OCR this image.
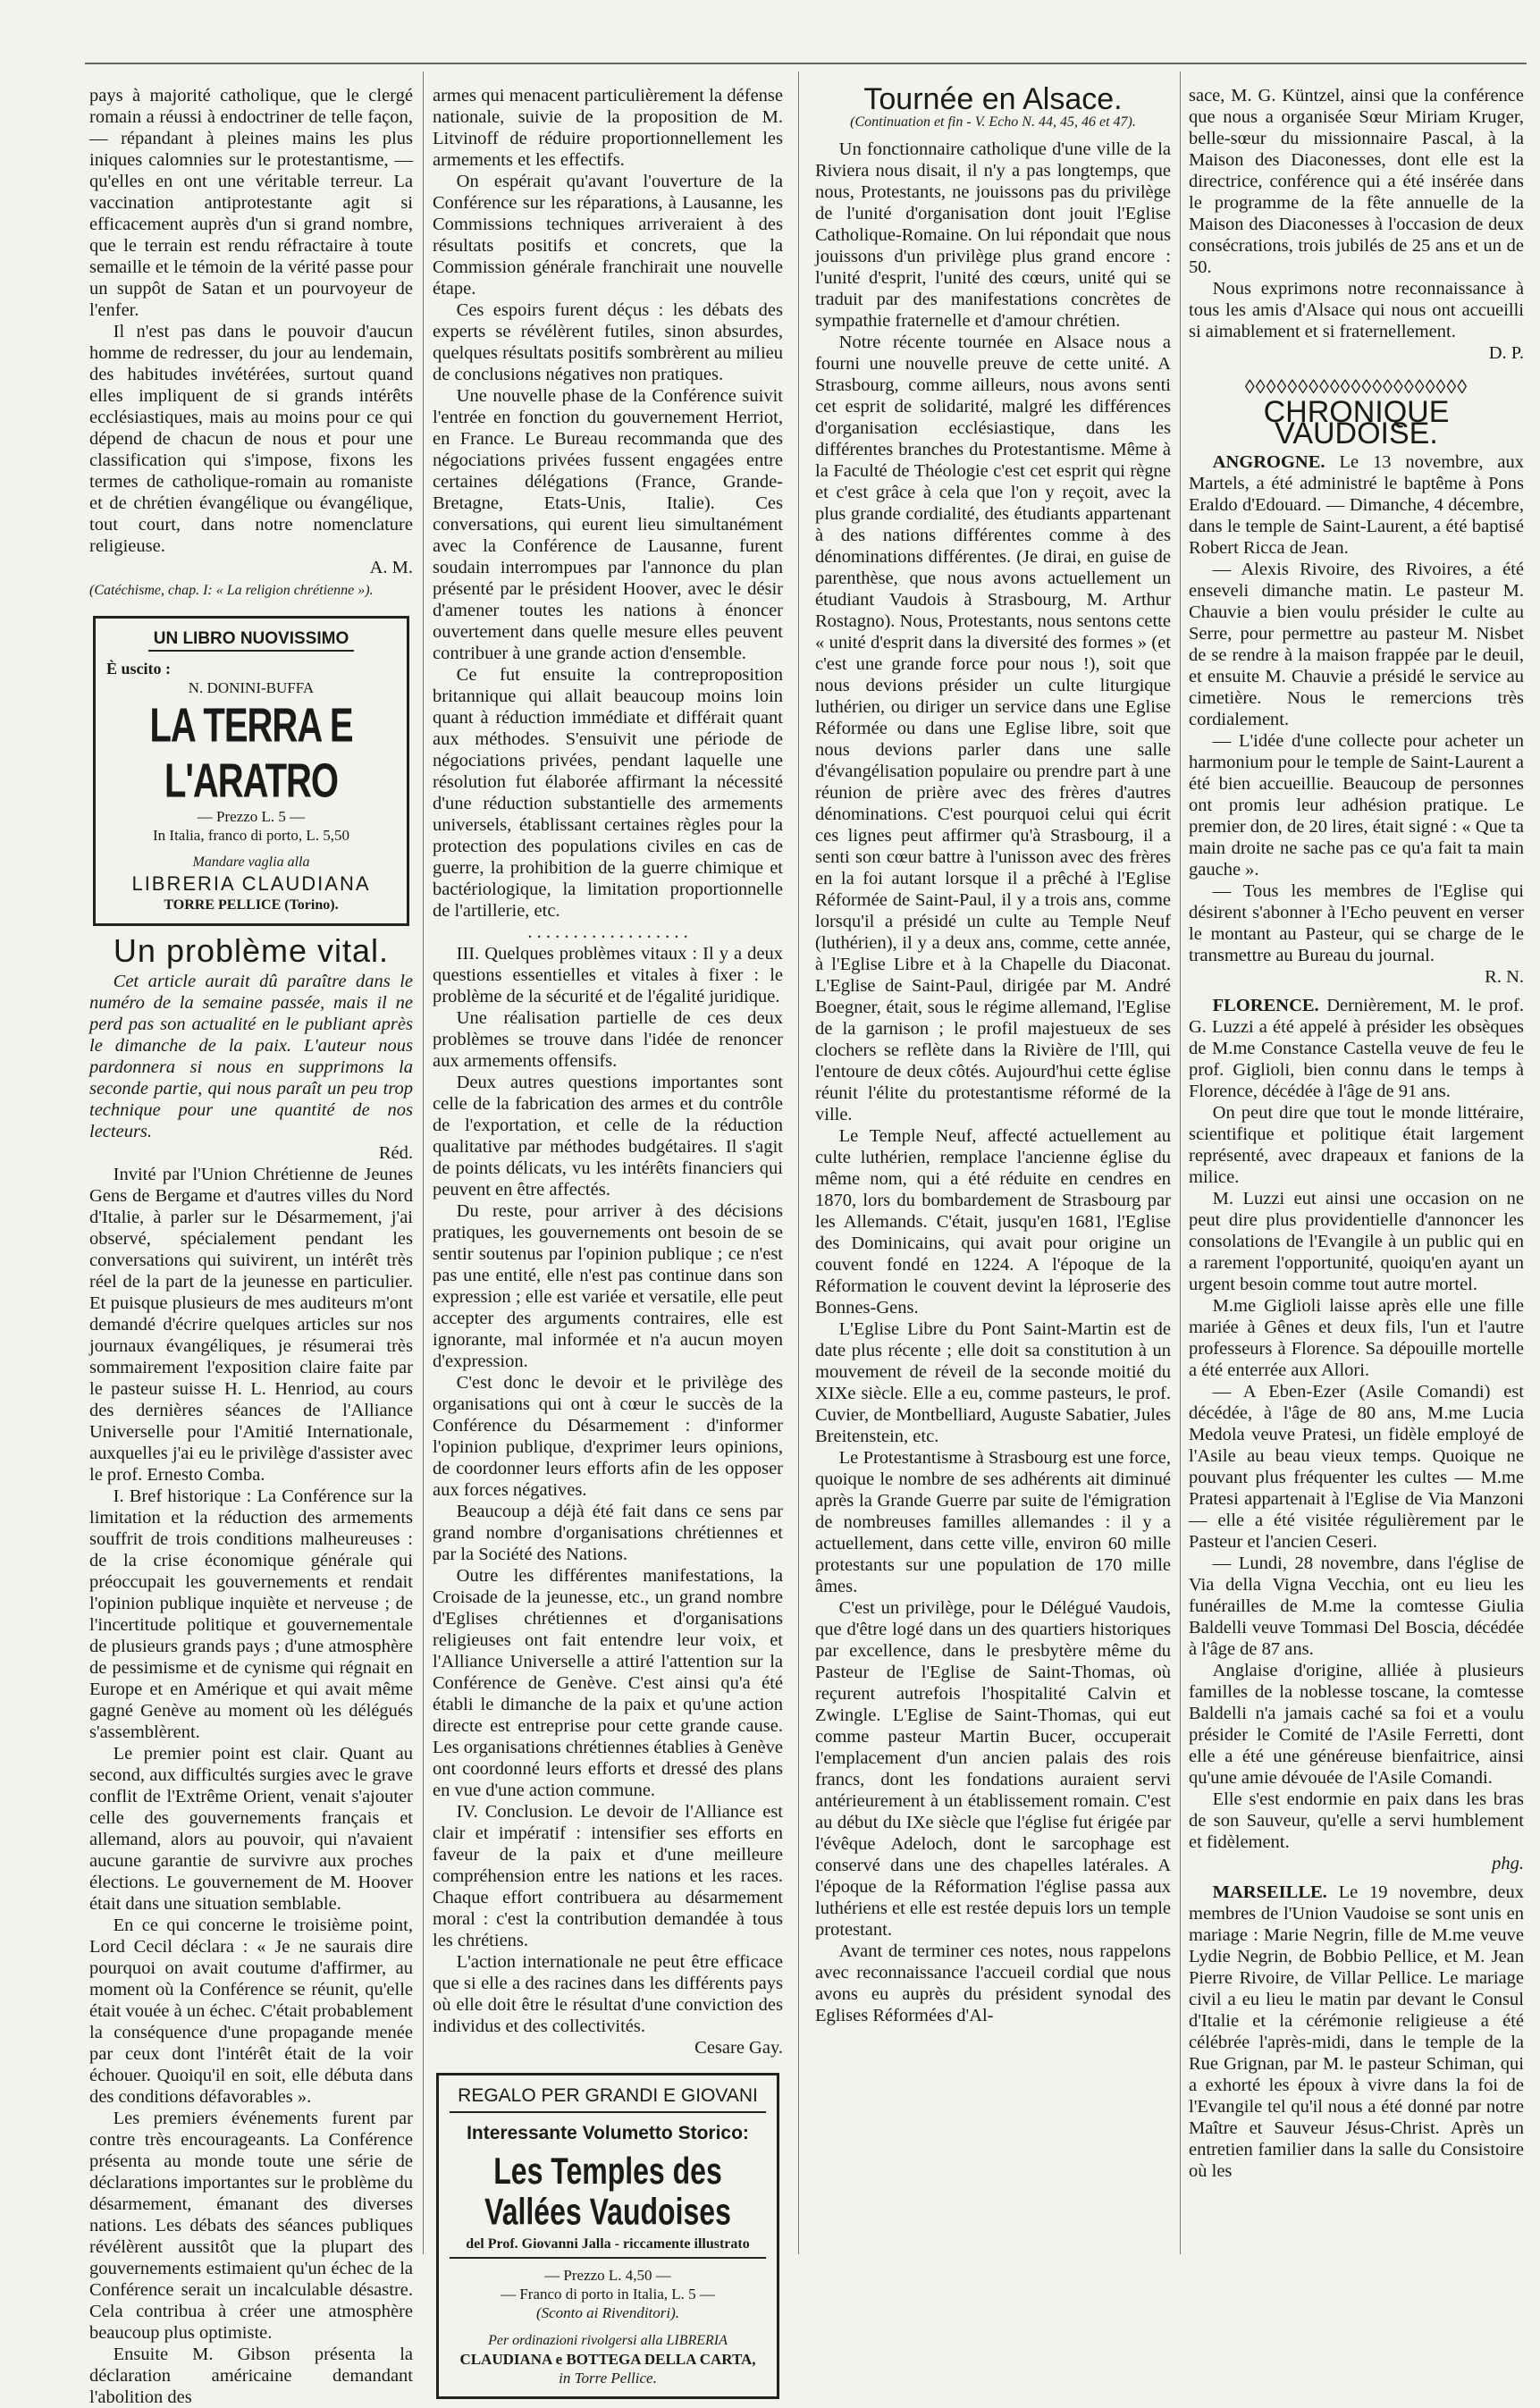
pays à majorité catholique, que le clergé romain a réussi à endoctriner de telle façon, — répandant à pleines mains les plus iniques calomnies sur le protestantisme, — qu'elles en ont une véritable terreur. La vaccination antiprotestante agit si efficacement auprès d'un si grand nombre, que le terrain est rendu réfractaire à toute semaille et le témoin de la vérité passe pour un suppôt de Satan et un pourvoyeur de l'enfer.

Il n'est pas dans le pouvoir d'aucun homme de redresser, du jour au lendemain, des habitudes invétérées, surtout quand elles impliquent de si grands intérêts ecclésiastiques, mais au moins pour ce qui dépend de chacun de nous et pour une classification qui s'impose, fixons les termes de catholique-romain au romaniste et de chrétien évangélique ou évangélique, tout court, dans notre nomenclature religieuse.

A. M.

(Catéchisme, chap. I: « La religion chrétienne »).

UN LIBRO NUOVISSIMO
È uscito :
N. DONINI-BUFFA
LA TERRA E L'ARATRO
— Prezzo L. 5 —
In Italia, franco di porto, L. 5,50
Mandare vaglia alla
LIBRERIA CLAUDIANA
TORRE PELLICE (Torino).
Un problème vital.

Cet article aurait dû paraître dans le numéro de la semaine passée, mais il ne perd pas son actualité en le publiant après le dimanche de la paix. L'auteur nous pardonnera si nous en supprimons la seconde partie, qui nous paraît un peu trop technique pour une quantité de nos lecteurs.

Réd.

Invité par l'Union Chrétienne de Jeunes Gens de Bergame et d'autres villes du Nord d'Italie, à parler sur le Désarmement, j'ai observé, spécialement pendant les conversations qui suivirent, un intérêt très réel de la part de la jeunesse en particulier. Et puisque plusieurs de mes auditeurs m'ont demandé d'écrire quelques articles sur nos journaux évangéliques, je résumerai très sommairement l'exposition claire faite par le pasteur suisse H. L. Henriod, au cours des dernières séances de l'Alliance Universelle pour l'Amitié Internationale, auxquelles j'ai eu le privilège d'assister avec le prof. Ernesto Comba.

I. Bref historique : La Conférence sur la limitation et la réduction des armements souffrit de trois conditions malheureuses : de la crise économique générale qui préoccupait les gouvernements et rendait l'opinion publique inquiète et nerveuse ; de l'incertitude politique et gouvernementale de plusieurs grands pays ; d'une atmosphère de pessimisme et de cynisme qui régnait en Europe et en Amérique et qui avait même gagné Genève au moment où les délégués s'assemblèrent.

Le premier point est clair. Quant au second, aux difficultés surgies avec le grave conflit de l'Extrême Orient, venait s'ajouter celle des gouvernements français et allemand, alors au pouvoir, qui n'avaient aucune garantie de survivre aux proches élections. Le gouvernement de M. Hoover était dans une situation semblable.

En ce qui concerne le troisième point, Lord Cecil déclara : « Je ne saurais dire pourquoi on avait coutume d'affirmer, au moment où la Conférence se réunit, qu'elle était vouée à un échec. C'était probablement la conséquence d'une propagande menée par ceux dont l'intérêt était de la voir échouer. Quoiqu'il en soit, elle débuta dans des conditions défavorables ».

Les premiers événements furent par contre très encourageants. La Conférence présenta au monde toute une série de déclarations importantes sur le problème du désarmement, émanant des diverses nations. Les débats des séances publiques révélèrent aussitôt que la plupart des gouvernements estimaient qu'un échec de la Conférence serait un incalculable désastre. Cela contribua à créer une atmosphère beaucoup plus optimiste.

Ensuite M. Gibson présenta la déclaration américaine demandant l'abolition des

armes qui menacent particulièrement la défense nationale, suivie de la proposition de M. Litvinoff de réduire proportionnellement les armements et les effectifs.

On espérait qu'avant l'ouverture de la Conférence sur les réparations, à Lausanne, les Commissions techniques arriveraient à des résultats positifs et concrets, que la Commission générale franchirait une nouvelle étape.

Ces espoirs furent déçus : les débats des experts se révélèrent futiles, sinon absurdes, quelques résultats positifs sombrèrent au milieu de conclusions négatives non pratiques.

Une nouvelle phase de la Conférence suivit l'entrée en fonction du gouvernement Herriot, en France. Le Bureau recommanda que des négociations privées fussent engagées entre certaines délégations (France, Grande-Bretagne, Etats-Unis, Italie). Ces conversations, qui eurent lieu simultanément avec la Conférence de Lausanne, furent soudain interrompues par l'annonce du plan présenté par le président Hoover, avec le désir d'amener toutes les nations à énoncer ouvertement dans quelle mesure elles peuvent contribuer à une grande action d'ensemble.

Ce fut ensuite la contreproposition britannique qui allait beaucoup moins loin quant à réduction immédiate et différait quant aux méthodes. S'ensuivit une période de négociations privées, pendant laquelle une résolution fut élaborée affirmant la nécessité d'une réduction substantielle des armements universels, établissant certaines règles pour la protection des populations civiles en cas de guerre, la prohibition de la guerre chimique et bactériologique, la limitation proportionnelle de l'artillerie, etc.

. . . . . . . . . . . . . . . . . .

III. Quelques problèmes vitaux : Il y a deux questions essentielles et vitales à fixer : le problème de la sécurité et de l'égalité juridique.

Une réalisation partielle de ces deux problèmes se trouve dans l'idée de renoncer aux armements offensifs.

Deux autres questions importantes sont celle de la fabrication des armes et du contrôle de l'exportation, et celle de la réduction qualitative par méthodes budgétaires. Il s'agit de points délicats, vu les intérêts financiers qui peuvent en être affectés.

Du reste, pour arriver à des décisions pratiques, les gouvernements ont besoin de se sentir soutenus par l'opinion publique ; ce n'est pas une entité, elle n'est pas continue dans son expression ; elle est variée et versatile, elle peut accepter des arguments contraires, elle est ignorante, mal informée et n'a aucun moyen d'expression.

C'est donc le devoir et le privilège des organisations qui ont à cœur le succès de la Conférence du Désarmement : d'informer l'opinion publique, d'exprimer leurs opinions, de coordonner leurs efforts afin de les opposer aux forces négatives.

Beaucoup a déjà été fait dans ce sens par grand nombre d'organisations chrétiennes et par la Société des Nations.

Outre les différentes manifestations, la Croisade de la jeunesse, etc., un grand nombre d'Eglises chrétiennes et d'organisations religieuses ont fait entendre leur voix, et l'Alliance Universelle a attiré l'attention sur la Conférence de Genève. C'est ainsi qu'a été établi le dimanche de la paix et qu'une action directe est entreprise pour cette grande cause. Les organisations chrétiennes établies à Genève ont coordonné leurs efforts et dressé des plans en vue d'une action commune.

IV. Conclusion. Le devoir de l'Alliance est clair et impératif : intensifier ses efforts en faveur de la paix et d'une meilleure compréhension entre les nations et les races. Chaque effort contribuera au désarmement moral : c'est la contribution demandée à tous les chrétiens.

L'action internationale ne peut être efficace que si elle a des racines dans les différents pays où elle doit être le résultat d'une conviction des individus et des collectivités.

Cesare Gay.

REGALO PER GRANDI E GIOVANI
Interessante Volumetto Storico:
Les Temples des Vallées Vaudoises
del Prof. Giovanni Jalla - riccamente illustrato
— Prezzo L. 4,50 —
— Franco di porto in Italia, L. 5 —
(Sconto ai Rivenditori).
Per ordinazioni rivolgersi alla LIBRERIA
CLAUDIANA e BOTTEGA DELLA CARTA,
in Torre Pellice.
Tournée en Alsace.
(Continuation et fin - V. Echo N. 44, 45, 46 et 47).

Un fonctionnaire catholique d'une ville de la Riviera nous disait, il n'y a pas longtemps, que nous, Protestants, ne jouissons pas du privilège de l'unité d'organisation dont jouit l'Eglise Catholique-Romaine. On lui répondait que nous jouissons d'un privilège plus grand encore : l'unité d'esprit, l'unité des cœurs, unité qui se traduit par des manifestations concrètes de sympathie fraternelle et d'amour chrétien.

Notre récente tournée en Alsace nous a fourni une nouvelle preuve de cette unité. A Strasbourg, comme ailleurs, nous avons senti cet esprit de solidarité, malgré les différences d'organisation ecclésiastique, dans les différentes branches du Protestantisme. Même à la Faculté de Théologie c'est cet esprit qui règne et c'est grâce à cela que l'on y reçoit, avec la plus grande cordialité, des étudiants appartenant à des nations différentes comme à des dénominations différentes. (Je dirai, en guise de parenthèse, que nous avons actuellement un étudiant Vaudois à Strasbourg, M. Arthur Rostagno). Nous, Protestants, nous sentons cette « unité d'esprit dans la diversité des formes » (et c'est une grande force pour nous !), soit que nous devions présider un culte liturgique luthérien, ou diriger un service dans une Eglise Réformée ou dans une Eglise libre, soit que nous devions parler dans une salle d'évangélisation populaire ou prendre part à une réunion de prière avec des frères d'autres dénominations. C'est pourquoi celui qui écrit ces lignes peut affirmer qu'à Strasbourg, il a senti son cœur battre à l'unisson avec des frères en la foi autant lorsque il a prêché à l'Eglise Réformée de Saint-Paul, il y a trois ans, comme lorsqu'il a présidé un culte au Temple Neuf (luthérien), il y a deux ans, comme, cette année, à l'Eglise Libre et à la Chapelle du Diaconat. L'Eglise de Saint-Paul, dirigée par M. André Boegner, était, sous le régime allemand, l'Eglise de la garnison ; le profil majestueux de ses clochers se reflète dans la Rivière de l'Ill, qui l'entoure de deux côtés. Aujourd'hui cette église réunit l'élite du protestantisme réformé de la ville.

Le Temple Neuf, affecté actuellement au culte luthérien, remplace l'ancienne église du même nom, qui a été réduite en cendres en 1870, lors du bombardement de Strasbourg par les Allemands. C'était, jusqu'en 1681, l'Eglise des Dominicains, qui avait pour origine un couvent fondé en 1224. A l'époque de la Réformation le couvent devint la léproserie des Bonnes-Gens.

L'Eglise Libre du Pont Saint-Martin est de date plus récente ; elle doit sa constitution à un mouvement de réveil de la seconde moitié du XIXe siècle. Elle a eu, comme pasteurs, le prof. Cuvier, de Montbelliard, Auguste Sabatier, Jules Breitenstein, etc.

Le Protestantisme à Strasbourg est une force, quoique le nombre de ses adhérents ait diminué après la Grande Guerre par suite de l'émigration de nombreuses familles allemandes : il y a actuellement, dans cette ville, environ 60 mille protestants sur une population de 170 mille âmes.

C'est un privilège, pour le Délégué Vaudois, que d'être logé dans un des quartiers historiques par excellence, dans le presbytère même du Pasteur de l'Eglise de Saint-Thomas, où reçurent autrefois l'hospitalité Calvin et Zwingle. L'Eglise de Saint-Thomas, qui eut comme pasteur Martin Bucer, occuperait l'emplacement d'un ancien palais des rois francs, dont les fondations auraient servi antérieurement à un établissement romain. C'est au début du IXe siècle que l'église fut érigée par l'évêque Adeloch, dont le sarcophage est conservé dans une des chapelles latérales. A l'époque de la Réformation l'église passa aux luthériens et elle est restée depuis lors un temple protestant.

Avant de terminer ces notes, nous rappelons avec reconnaissance l'accueil cordial que nous avons eu auprès du président synodal des Eglises Réformées d'Al-

sace, M. G. Küntzel, ainsi que la conférence que nous a organisée Sœur Miriam Kruger, belle-sœur du missionnaire Pascal, à la Maison des Diaconesses, dont elle est la directrice, conférence qui a été insérée dans le programme de la fête annuelle de la Maison des Diaconesses à l'occasion de deux consécrations, trois jubilés de 25 ans et un de 50.

Nous exprimons notre reconnaissance à tous les amis d'Alsace qui nous ont accueilli si aimablement et si fraternellement.

D. P.

◊◊◊◊◊◊◊◊◊◊◊◊◊◊◊◊◊◊◊◊◊
CHRONIQUE VAUDOISE.

ANGROGNE. Le 13 novembre, aux Martels, a été administré le baptême à Pons Eraldo d'Edouard. — Dimanche, 4 décembre, dans le temple de Saint-Laurent, a été baptisé Robert Ricca de Jean.

— Alexis Rivoire, des Rivoires, a été enseveli dimanche matin. Le pasteur M. Chauvie a bien voulu présider le culte au Serre, pour permettre au pasteur M. Nisbet de se rendre à la maison frappée par le deuil, et ensuite M. Chauvie a présidé le service au cimetière. Nous le remercions très cordialement.

— L'idée d'une collecte pour acheter un harmonium pour le temple de Saint-Laurent a été bien accueillie. Beaucoup de personnes ont promis leur adhésion pratique. Le premier don, de 20 lires, était signé : « Que ta main droite ne sache pas ce qu'a fait ta main gauche ».

— Tous les membres de l'Eglise qui désirent s'abonner à l'Echo peuvent en verser le montant au Pasteur, qui se charge de le transmettre au Bureau du journal.

R. N.

FLORENCE. Dernièrement, M. le prof. G. Luzzi a été appelé à présider les obsèques de M.me Constance Castella veuve de feu le prof. Giglioli, bien connu dans le temps à Florence, décédée à l'âge de 91 ans.

On peut dire que tout le monde littéraire, scientifique et politique était largement représenté, avec drapeaux et fanions de la milice.

M. Luzzi eut ainsi une occasion on ne peut dire plus providentielle d'annoncer les consolations de l'Evangile à un public qui en a rarement l'opportunité, quoiqu'en ayant un urgent besoin comme tout autre mortel.

M.me Giglioli laisse après elle une fille mariée à Gênes et deux fils, l'un et l'autre professeurs à Florence. Sa dépouille mortelle a été enterrée aux Allori.

— A Eben-Ezer (Asile Comandi) est décédée, à l'âge de 80 ans, M.me Lucia Medola veuve Pratesi, un fidèle employé de l'Asile au beau vieux temps. Quoique ne pouvant plus fréquenter les cultes — M.me Pratesi appartenait à l'Eglise de Via Manzoni — elle a été visitée régulièrement par le Pasteur et l'ancien Ceseri.

— Lundi, 28 novembre, dans l'église de Via della Vigna Vecchia, ont eu lieu les funérailles de M.me la comtesse Giulia Baldelli veuve Tommasi Del Boscia, décédée à l'âge de 87 ans.

Anglaise d'origine, alliée à plusieurs familles de la noblesse toscane, la comtesse Baldelli n'a jamais caché sa foi et a voulu présider le Comité de l'Asile Ferretti, dont elle a été une généreuse bienfaitrice, ainsi qu'une amie dévouée de l'Asile Comandi.

Elle s'est endormie en paix dans les bras de son Sauveur, qu'elle a servi humblement et fidèlement.

phg.

MARSEILLE. Le 19 novembre, deux membres de l'Union Vaudoise se sont unis en mariage : Marie Negrin, fille de M.me veuve Lydie Negrin, de Bobbio Pellice, et M. Jean Pierre Rivoire, de Villar Pellice. Le mariage civil a eu lieu le matin par devant le Consul d'Italie et la cérémonie religieuse a été célébrée l'après-midi, dans le temple de la Rue Grignan, par M. le pasteur Schiman, qui a exhorté les époux à vivre dans la foi de l'Evangile tel qu'il nous a été donné par notre Maître et Sauveur Jésus-Christ. Après un entretien familier dans la salle du Consistoire où les
